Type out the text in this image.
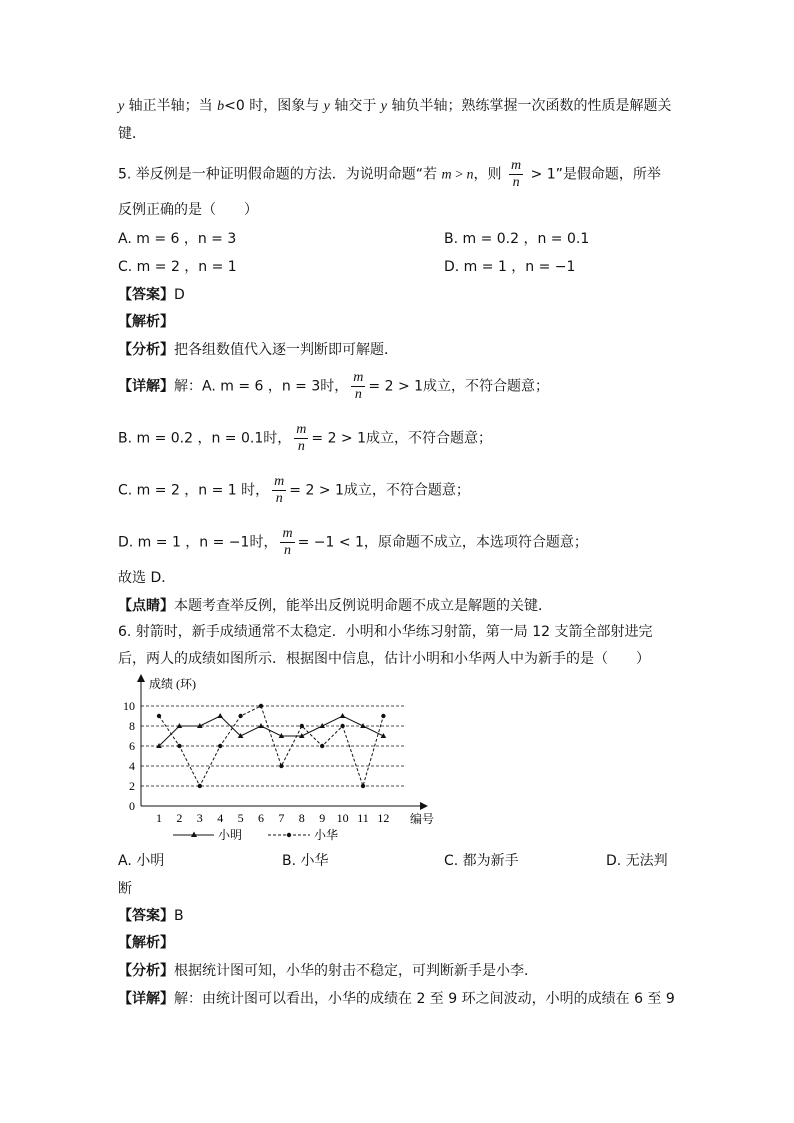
y 轴正半轴；当 b<0 时，图象与 y 轴交于 y 轴负半轴；熟练掌握一次函数的性质是解题关
键．
5. 举反例是一种证明假命题的方法．为说明命题“若 m > n，则 $\frac{m}{n} > 1$”是假命题，所举
反例正确的是（　　）
A. m = 6 ，n = 3	B. m = 0.2 ，n = 0.1
C. m = 2 ，n = 1	D. m = 1 ，n = −1
【答案】D
【解析】
【分析】把各组数值代入逐一判断即可解题．
【详解】解：A. m = 6 ，n = 3时， $\frac{m}{n} = 2 > 1$成立，不符合题意；
B. m = 0.2 ，n = 0.1时， $\frac{m}{n} = 2 > 1$成立，不符合题意；
C. m = 2 ，n = 1 时， $\frac{m}{n} = 2 > 1$成立，不符合题意；
D. m = 1 ，n = −1时， $\frac{m}{n} = -1 < 1$，原命题不成立，本选项符合题意；
故选 D．
【点睛】本题考查举反例，能举出反例说明命题不成立是解题的关键．
6. 射箭时，新手成绩通常不太稳定．小明和小华练习射箭，第一局 12 支箭全部射进完
后，两人的成绩如图所示．根据图中信息，估计小明和小华两人中为新手的是（　　）
成绩 (环)
编号
0
2
4
6
8
10
1 2 3 4 5 6 7 8 9 10 11 12
小明	小华
A. 小明	B. 小华	C. 都为新手	D. 无法判
断
【答案】B
【解析】
【分析】根据统计图可知，小华的射击不稳定，可判断新手是小李．
【详解】解：由统计图可以看出，小华的成绩在 2 至 9 环之间波动，小明的成绩在 6 至 9
